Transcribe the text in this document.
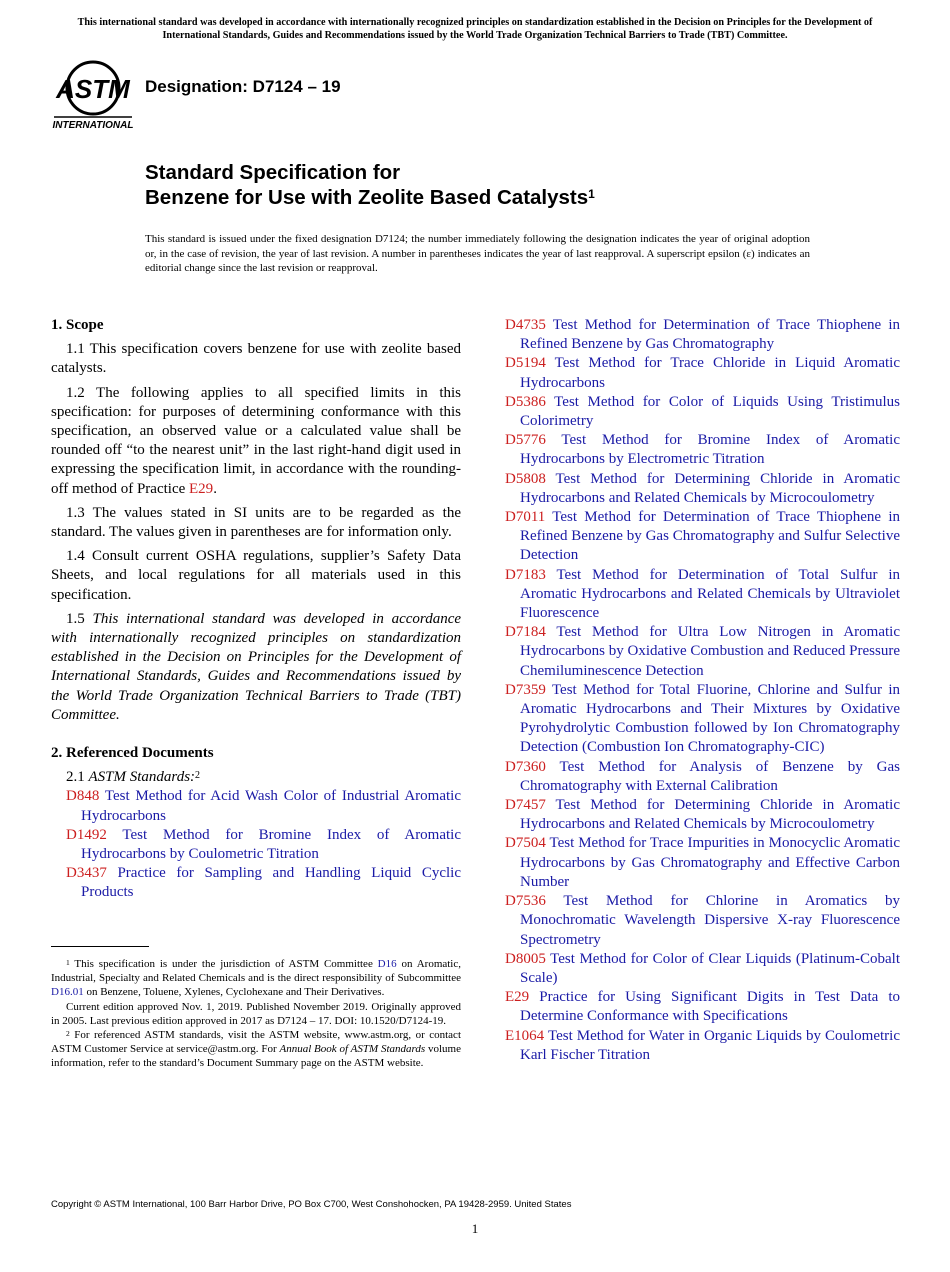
This international standard was developed in accordance with internationally recognized principles on standardization established in the Decision on Principles for the Development of International Standards, Guides and Recommendations issued by the World Trade Organization Technical Barriers to Trade (TBT) Committee.
ASTM
INTERNATIONAL
Designation: D7124 – 19
Standard Specification for
Benzene for Use with Zeolite Based Catalysts$^1$
This standard is issued under the fixed designation D7124; the number immediately following the designation indicates the year of original adoption or, in the case of revision, the year of last revision. A number in parentheses indicates the year of last reapproval. A superscript epsilon (ε) indicates an editorial change since the last revision or reapproval.
1. Scope

1.1 This specification covers benzene for use with zeolite based catalysts.

1.2 The following applies to all specified limits in this specification: for purposes of determining conformance with this specification, an observed value or a calculated value shall be rounded off “to the nearest unit” in the last right-hand digit used in expressing the specification limit, in accordance with the rounding-off method of Practice E29.

1.3 The values stated in SI units are to be regarded as the standard. The values given in parentheses are for information only.

1.4 Consult current OSHA regulations, supplier’s Safety Data Sheets, and local regulations for all materials used in this specification.

1.5 This international standard was developed in accordance with internationally recognized principles on standardization established in the Decision on Principles for the Development of International Standards, Guides and Recommendations issued by the World Trade Organization Technical Barriers to Trade (TBT) Committee.

2. Referenced Documents

2.1 ASTM Standards:$^2$

D848 Test Method for Acid Wash Color of Industrial Aromatic Hydrocarbons

D1492 Test Method for Bromine Index of Aromatic Hydrocarbons by Coulometric Titration

D3437 Practice for Sampling and Handling Liquid Cyclic Products

D4735 Test Method for Determination of Trace Thiophene in Refined Benzene by Gas Chromatography

D5194 Test Method for Trace Chloride in Liquid Aromatic Hydrocarbons

D5386 Test Method for Color of Liquids Using Tristimulus Colorimetry

D5776 Test Method for Bromine Index of Aromatic Hydrocarbons by Electrometric Titration

D5808 Test Method for Determining Chloride in Aromatic Hydrocarbons and Related Chemicals by Microcoulometry

D7011 Test Method for Determination of Trace Thiophene in Refined Benzene by Gas Chromatography and Sulfur Selective Detection

D7183 Test Method for Determination of Total Sulfur in Aromatic Hydrocarbons and Related Chemicals by Ultraviolet Fluorescence

D7184 Test Method for Ultra Low Nitrogen in Aromatic Hydrocarbons by Oxidative Combustion and Reduced Pressure Chemiluminescence Detection

D7359 Test Method for Total Fluorine, Chlorine and Sulfur in Aromatic Hydrocarbons and Their Mixtures by Oxidative Pyrohydrolytic Combustion followed by Ion Chromatography Detection (Combustion Ion Chromatography-CIC)

D7360 Test Method for Analysis of Benzene by Gas Chromatography with External Calibration

D7457 Test Method for Determining Chloride in Aromatic Hydrocarbons and Related Chemicals by Microcoulometry

D7504 Test Method for Trace Impurities in Monocyclic Aromatic Hydrocarbons by Gas Chromatography and Effective Carbon Number

D7536 Test Method for Chlorine in Aromatics by Monochromatic Wavelength Dispersive X-ray Fluorescence Spectrometry

D8005 Test Method for Color of Clear Liquids (Platinum-Cobalt Scale)

E29 Practice for Using Significant Digits in Test Data to Determine Conformance with Specifications

E1064 Test Method for Water in Organic Liquids by Coulometric Karl Fischer Titration

$^1$ This specification is under the jurisdiction of ASTM Committee D16 on Aromatic, Industrial, Specialty and Related Chemicals and is the direct responsibility of Subcommittee D16.01 on Benzene, Toluene, Xylenes, Cyclohexane and Their Derivatives.

Current edition approved Nov. 1, 2019. Published November 2019. Originally approved in 2005. Last previous edition approved in 2017 as D7124 – 17. DOI: 10.1520/D7124-19.

$^2$ For referenced ASTM standards, visit the ASTM website, www.astm.org, or contact ASTM Customer Service at service@astm.org. For Annual Book of ASTM Standards volume information, refer to the standard’s Document Summary page on the ASTM website.

Copyright © ASTM International, 100 Barr Harbor Drive, PO Box C700, West Conshohocken, PA 19428-2959. United States
1
